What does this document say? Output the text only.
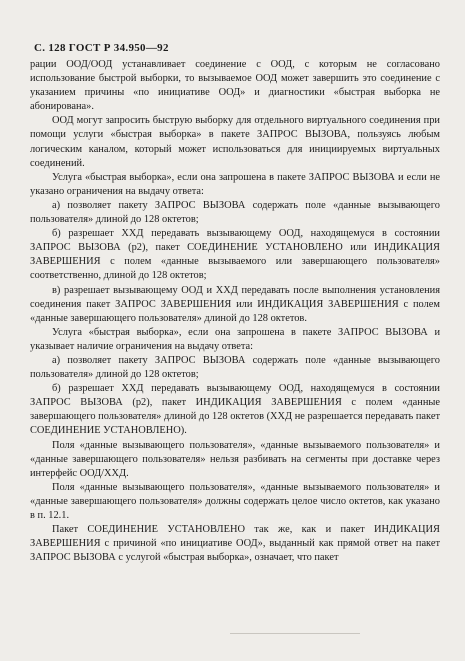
С. 128 ГОСТ Р 34.950—92

рации ООД/ООД устанавливает соединение с ООД, с которым не согласовано использование быстрой выборки, то вызываемое ООД может завершить это соединение с указанием причины «по инициативе ООД» и диагностики «быстрая выборка не абонирована».

ООД могут запросить быструю выборку для отдельного виртуального соединения при помощи услуги «быстрая выборка» в пакете ЗАПРОС ВЫЗОВА, пользуясь любым логическим каналом, который может использоваться для инициируемых виртуальных соединений.

Услуга «быстрая выборка», если она запрошена в пакете ЗАПРОС ВЫЗОВА и если не указано ограничения на выдачу ответа:

а) позволяет пакету ЗАПРОС ВЫЗОВА содержать поле «данные вызывающего пользователя» длиной до 128 октетов;

б) разрешает ХХД передавать вызывающему ООД, находящемуся в состоянии ЗАПРОС ВЫЗОВА (р2), пакет СОЕДИНЕНИЕ УСТАНОВЛЕНО или ИНДИКАЦИЯ ЗАВЕРШЕНИЯ с полем «данные вызываемого или завершающего пользователя» соответственно, длиной до 128 октетов;

в) разрешает вызывающему ООД и ХХД передавать после выполнения установления соединения пакет ЗАПРОС ЗАВЕРШЕНИЯ или ИНДИКАЦИЯ ЗАВЕРШЕНИЯ с полем «данные завершающего пользователя» длиной до 128 октетов.

Услуга «быстрая выборка», если она запрошена в пакете ЗАПРОС ВЫЗОВА и указывает наличие ограничения на выдачу ответа:

а) позволяет пакету ЗАПРОС ВЫЗОВА содержать поле «данные вызывающего пользователя» длиной до 128 октетов;

б) разрешает ХХД передавать вызывающему ООД, находящемуся в состоянии ЗАПРОС ВЫЗОВА (р2), пакет ИНДИКАЦИЯ ЗАВЕРШЕНИЯ с полем «данные завершающего пользователя» длиной до 128 октетов (ХХД не разрешается передавать пакет СОЕДИНЕНИЕ УСТАНОВЛЕНО).

Поля «данные вызывающего пользователя», «данные вызываемого пользователя» и «данные завершающего пользователя» нельзя разбивать на сегменты при доставке через интерфейс ООД/ХХД.

Поля «данные вызывающего пользователя», «данные вызываемого пользователя» и «данные завершающего пользователя» должны содержать целое число октетов, как указано в п. 12.1.

Пакет СОЕДИНЕНИЕ УСТАНОВЛЕНО так же, как и пакет ИНДИКАЦИЯ ЗАВЕРШЕНИЯ с причиной «по инициативе ООД», выданный как прямой ответ на пакет ЗАПРОС ВЫЗОВА с услугой «быстрая выборка», означает, что пакет
